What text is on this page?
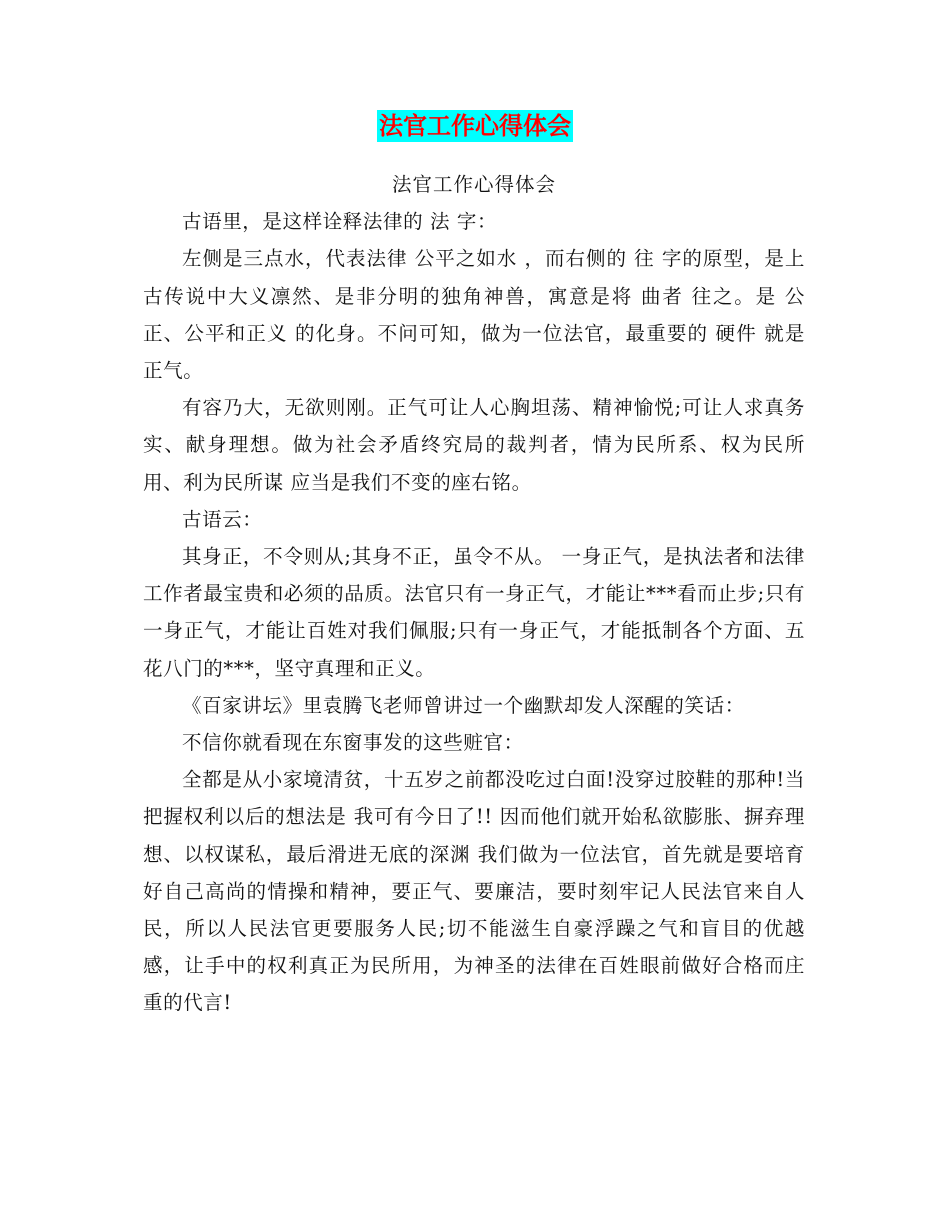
法官工作心得体会

法官工作心得体会

古语里，是这样诠释法律的 法 字：

左侧是三点水，代表法律 公平之如水 ，而右侧的 往 字的原型，是上古传说中大义凛然、是非分明的独角神兽，寓意是将 曲者 往之。是 公正、公平和正义 的化身。不问可知，做为一位法官，最重要的 硬件 就是正气。

有容乃大，无欲则刚。正气可让人心胸坦荡、精神愉悦;可让人求真务实、献身理想。做为社会矛盾终究局的裁判者，情为民所系、权为民所用、利为民所谋 应当是我们不变的座右铭。

古语云：

其身正，不令则从;其身不正，虽令不从。 一身正气，是执法者和法律工作者最宝贵和必须的品质。法官只有一身正气，才能让***看而止步;只有一身正气，才能让百姓对我们佩服;只有一身正气，才能抵制各个方面、五花八门的***，坚守真理和正义。

《百家讲坛》里袁腾飞老师曾讲过一个幽默却发人深醒的笑话：

不信你就看现在东窗事发的这些赃官：

全都是从小家境清贫，十五岁之前都没吃过白面!没穿过胶鞋的那种!当把握权利以后的想法是 我可有今日了!! 因而他们就开始私欲膨胀、摒弃理想、以权谋私，最后滑进无底的深渊 我们做为一位法官，首先就是要培育好自己高尚的情操和精神，要正气、要廉洁，要时刻牢记人民法官来自人民，所以人民法官更要服务人民;切不能滋生自豪浮躁之气和盲目的优越感，让手中的权利真正为民所用，为神圣的法律在百姓眼前做好合格而庄重的代言!
